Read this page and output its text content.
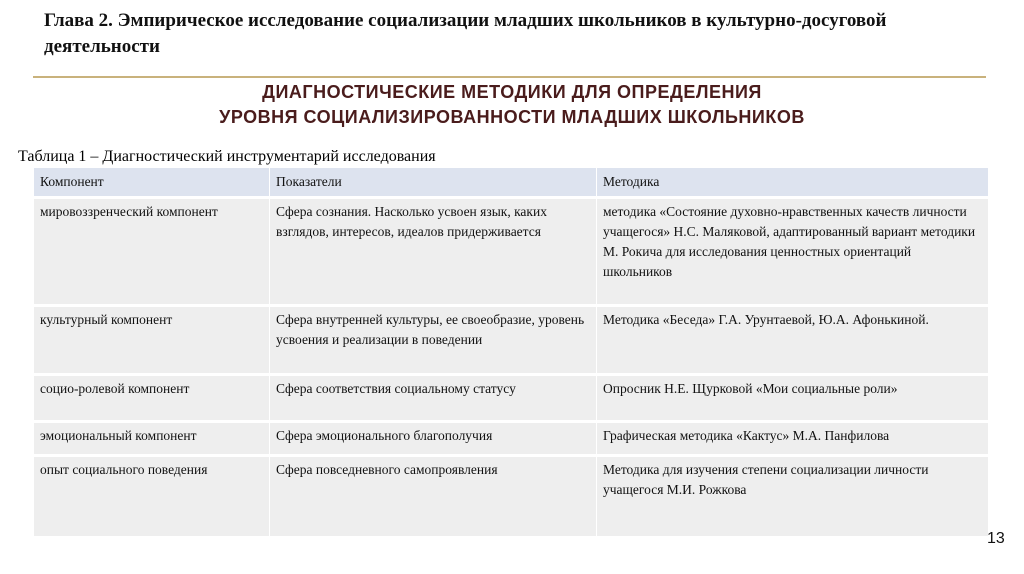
Глава 2. Эмпирическое исследование социализации младших школьников в культурно-досуговой деятельности
ДИАГНОСТИЧЕСКИЕ МЕТОДИКИ ДЛЯ ОПРЕДЕЛЕНИЯ
УРОВНЯ СОЦИАЛИЗИРОВАННОСТИ МЛАДШИХ ШКОЛЬНИКОВ
Таблица 1 – Диагностический инструментарий исследования
Компонент	Показатели	Методика
мировоззренческий компонент	Сфера сознания. Насколько усвоен язык, каких взглядов, интересов, идеалов придерживается	методика «Состояние духовно-нравственных качеств личности учащегося» Н.С. Маляковой, адаптированный вариант методики М. Рокича для исследования ценностных ориентаций школьников
культурный компонент	Сфера внутренней культуры, ее своеобразие, уровень усвоения и реализации в поведении	Методика «Беседа» Г.А. Урунтаевой, Ю.А. Афонькиной.
социо-ролевой компонент	Сфера соответствия социальному статусу	Опросник Н.Е. Щурковой «Мои социальные роли»
эмоциональный компонент	Сфера эмоционального благополучия	Графическая методика «Кактус» М.А. Панфилова
опыт социального поведения	Сфера повседневного самопроявления	Методика для изучения степени социализации личности учащегося М.И. Рожкова
13
